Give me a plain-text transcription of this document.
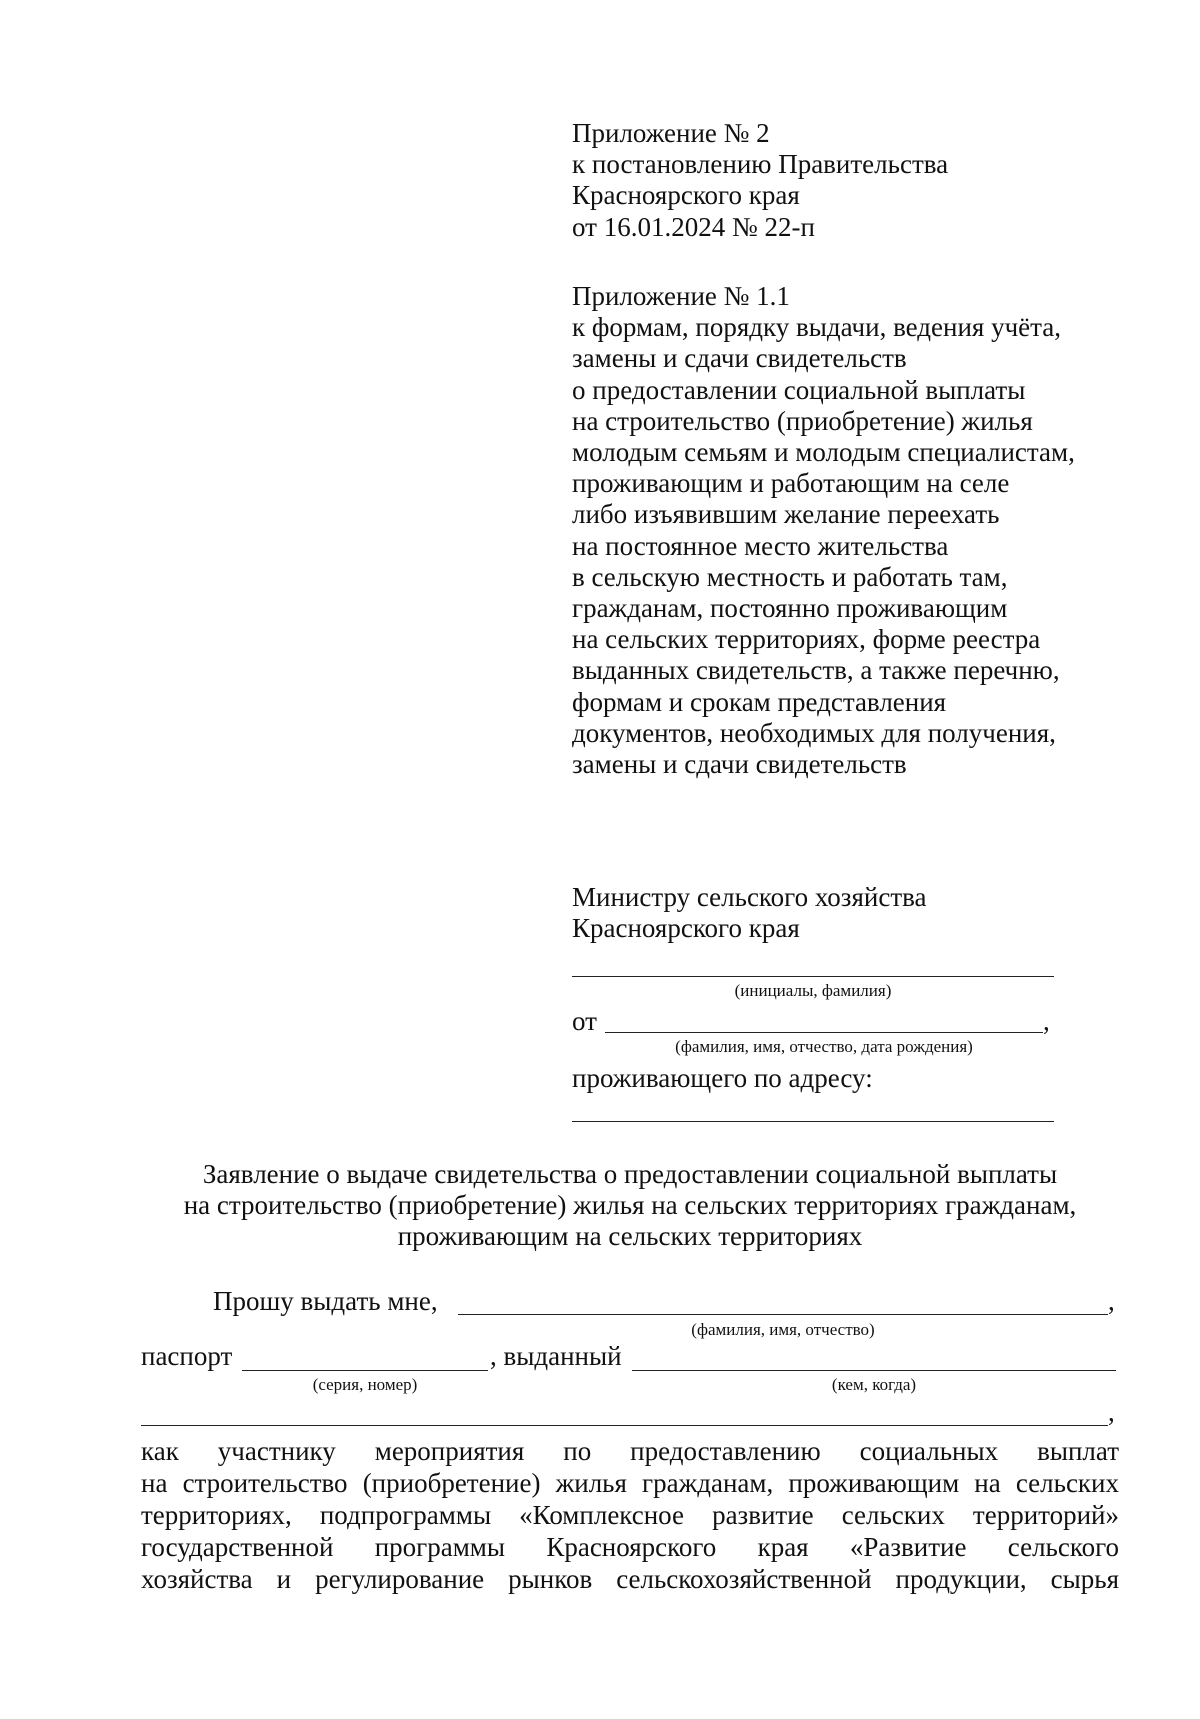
Приложение № 2
к постановлению Правительства
Красноярского края
от 16.01.2024 № 22-п
Приложение № 1.1
к формам, порядку выдачи, ведения учёта,
замены и сдачи свидетельств
о предоставлении социальной выплаты
на строительство (приобретение) жилья
молодым семьям и молодым специалистам,
проживающим и работающим на селе
либо изъявившим желание переехать
на постоянное место жительства
в сельскую местность и работать там,
гражданам, постоянно проживающим
на сельских территориях, форме реестра
выданных свидетельств, а также перечню,
формам и срокам представления
документов, необходимых для получения,
замены и сдачи свидетельств
Министру сельского хозяйства
Красноярского края
(инициалы, фамилия)
от	,
(фамилия, имя, отчество, дата рождения)
проживающего по адресу:
Заявление о выдаче свидетельства о предоставлении социальной выплаты
на строительство (приобретение) жилья на сельских территориях гражданам,
проживающим на сельских территориях
Прошу выдать мне,	,
(фамилия, имя, отчество)
паспорт	, выданный
(серия, номер)	(кем, когда)
,
как участнику мероприятия по предоставлению социальных выплат
на строительство (приобретение) жилья гражданам, проживающим на сельских
территориях, подпрограммы «Комплексное развитие сельских территорий»
государственной программы Красноярского края «Развитие сельского
хозяйства и регулирование рынков сельскохозяйственной продукции, сырья
